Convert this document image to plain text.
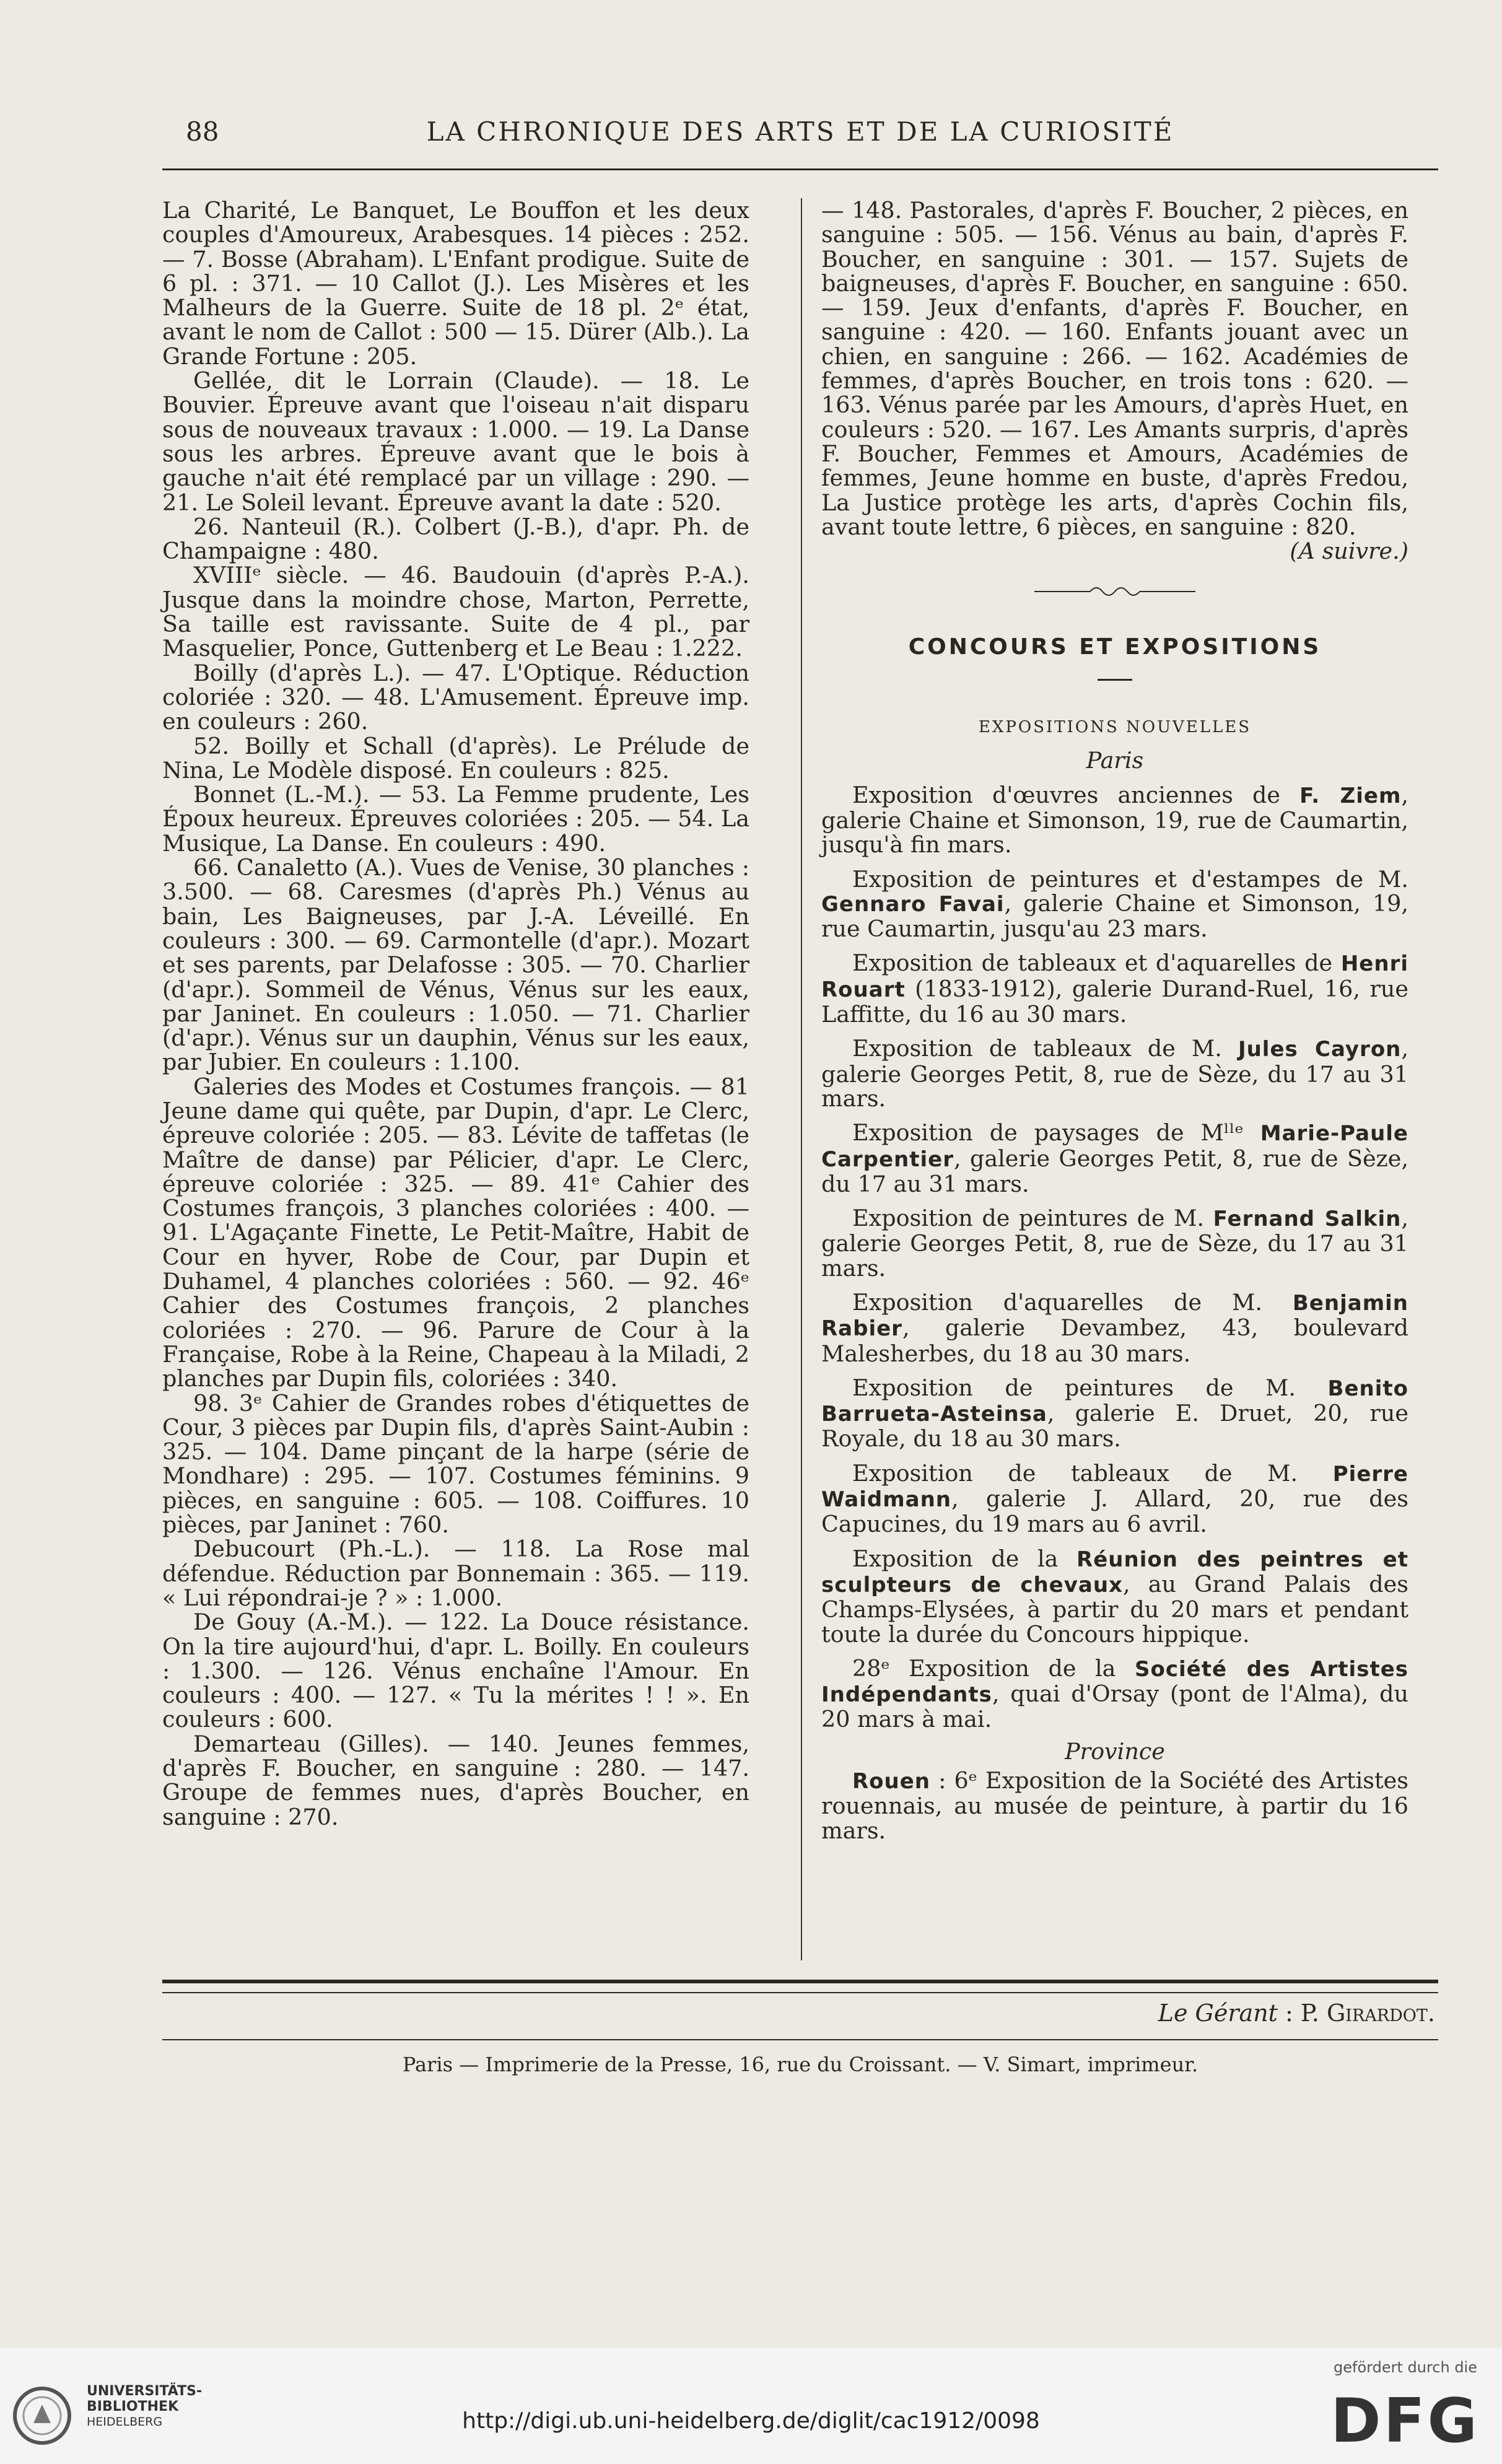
88	LA CHRONIQUE DES ARTS ET DE LA CURIOSITÉ

La Charité, Le Banquet, Le Bouffon et les deux couples d'Amoureux, Arabesques. 14 pièces : 252. — 7. Bosse (Abraham). L'Enfant prodigue. Suite de 6 pl. : 371. — 10 Callot (J.). Les Misères et les Malheurs de la Guerre. Suite de 18 pl. 2ᵉ état, avant le nom de Callot : 500 — 15. Dürer (Alb.). La Grande Fortune : 205.

Gellée, dit le Lorrain (Claude). — 18. Le Bouvier. Épreuve avant que l'oiseau n'ait disparu sous de nouveaux travaux : 1.000. — 19. La Danse sous les arbres. Épreuve avant que le bois à gauche n'ait été remplacé par un village : 290. — 21. Le Soleil levant. Épreuve avant la date : 520.

26. Nanteuil (R.). Colbert (J.-B.), d'apr. Ph. de Champaigne : 480.

XVIIIᵉ siècle. — 46. Baudouin (d'après P.-A.). Jusque dans la moindre chose, Marton, Perrette, Sa taille est ravissante. Suite de 4 pl., par Masquelier, Ponce, Guttenberg et Le Beau : 1.222.

Boilly (d'après L.). — 47. L'Optique. Réduction coloriée : 320. — 48. L'Amusement. Épreuve imp. en couleurs : 260.

52. Boilly et Schall (d'après). Le Prélude de Nina, Le Modèle disposé. En couleurs : 825.

Bonnet (L.-M.). — 53. La Femme prudente, Les Époux heureux. Épreuves coloriées : 205. — 54. La Musique, La Danse. En couleurs : 490.

66. Canaletto (A.). Vues de Venise, 30 planches : 3.500. — 68. Caresmes (d'après Ph.) Vénus au bain, Les Baigneuses, par J.-A. Léveillé. En couleurs : 300. — 69. Carmontelle (d'apr.). Mozart et ses parents, par Delafosse : 305. — 70. Charlier (d'apr.). Sommeil de Vénus, Vénus sur les eaux, par Janinet. En couleurs : 1.050. — 71. Charlier (d'apr.). Vénus sur un dauphin, Vénus sur les eaux, par Jubier. En couleurs : 1.100.

Galeries des Modes et Costumes françois. — 81 Jeune dame qui quête, par Dupin, d'apr. Le Clerc, épreuve coloriée : 205. — 83. Lévite de taffetas (le Maître de danse) par Pélicier, d'apr. Le Clerc, épreuve coloriée : 325. — 89. 41ᵉ Cahier des Costumes françois, 3 planches coloriées : 400. — 91. L'Agaçante Finette, Le Petit-Maître, Habit de Cour en hyver, Robe de Cour, par Dupin et Duhamel, 4 planches coloriées : 560. — 92. 46ᵉ Cahier des Costumes françois, 2 planches coloriées : 270. — 96. Parure de Cour à la Française, Robe à la Reine, Chapeau à la Miladi, 2 planches par Dupin fils, coloriées : 340.

98. 3ᵉ Cahier de Grandes robes d'étiquettes de Cour, 3 pièces par Dupin fils, d'après Saint-Aubin : 325. — 104. Dame pinçant de la harpe (série de Mondhare) : 295. — 107. Costumes féminins. 9 pièces, en sanguine : 605. — 108. Coiffures. 10 pièces, par Janinet : 760.

Debucourt (Ph.-L.). — 118. La Rose mal défendue. Réduction par Bonnemain : 365. — 119. « Lui répondrai-je ? » : 1.000.

De Gouy (A.-M.). — 122. La Douce résistance. On la tire aujourd'hui, d'apr. L. Boilly. En couleurs : 1.300. — 126. Vénus enchaîne l'Amour. En couleurs : 400. — 127. « Tu la mérites ! ! ». En couleurs : 600.

Demarteau (Gilles). — 140. Jeunes femmes, d'après F. Boucher, en sanguine : 280. — 147. Groupe de femmes nues, d'après Boucher, en sanguine : 270.

— 148. Pastorales, d'après F. Boucher, 2 pièces, en sanguine : 505. — 156. Vénus au bain, d'après F. Boucher, en sanguine : 301. — 157. Sujets de baigneuses, d'après F. Boucher, en sanguine : 650. — 159. Jeux d'enfants, d'après F. Boucher, en sanguine : 420. — 160. Enfants jouant avec un chien, en sanguine : 266. — 162. Académies de femmes, d'après Boucher, en trois tons : 620. — 163. Vénus parée par les Amours, d'après Huet, en couleurs : 520. — 167. Les Amants surpris, d'après F. Boucher, Femmes et Amours, Académies de femmes, Jeune homme en buste, d'après Fredou, La Justice protège les arts, d'après Cochin fils, avant toute lettre, 6 pièces, en sanguine : 820.

(A suivre.)

CONCOURS ET EXPOSITIONS
EXPOSITIONS NOUVELLES
Paris

Exposition d'œuvres anciennes de F. Ziem, galerie Chaine et Simonson, 19, rue de Caumartin, jusqu'à fin mars.

Exposition de peintures et d'estampes de M. Gennaro Favai, galerie Chaine et Simonson, 19, rue Caumartin, jusqu'au 23 mars.

Exposition de tableaux et d'aquarelles de Henri Rouart (1833-1912), galerie Durand-Ruel, 16, rue Laffitte, du 16 au 30 mars.

Exposition de tableaux de M. Jules Cayron, galerie Georges Petit, 8, rue de Sèze, du 17 au 31 mars.

Exposition de paysages de Mˡˡᵉ Marie-Paule Carpentier, galerie Georges Petit, 8, rue de Sèze, du 17 au 31 mars.

Exposition de peintures de M. Fernand Salkin, galerie Georges Petit, 8, rue de Sèze, du 17 au 31 mars.

Exposition d'aquarelles de M. Benjamin Rabier, galerie Devambez, 43, boulevard Malesherbes, du 18 au 30 mars.

Exposition de peintures de M. Benito Barrueta-Asteinsa, galerie E. Druet, 20, rue Royale, du 18 au 30 mars.

Exposition de tableaux de M. Pierre Waidmann, galerie J. Allard, 20, rue des Capucines, du 19 mars au 6 avril.

Exposition de la Réunion des peintres et sculpteurs de chevaux, au Grand Palais des Champs-Elysées, à partir du 20 mars et pendant toute la durée du Concours hippique.

28ᵉ Exposition de la Société des Artistes Indépendants, quai d'Orsay (pont de l'Alma), du 20 mars à mai.

Province

Rouen : 6ᵉ Exposition de la Société des Artistes rouennais, au musée de peinture, à partir du 16 mars.

Le Gérant : P. Girardot.
Paris — Imprimerie de la Presse, 16, rue du Croissant. — V. Simart, imprimeur.
UNIVERSITÄTS-
BIBLIOTHEK
HEIDELBERG	http://digi.ub.uni-heidelberg.de/diglit/cac1912/0098
gefördert durch die
DFG
